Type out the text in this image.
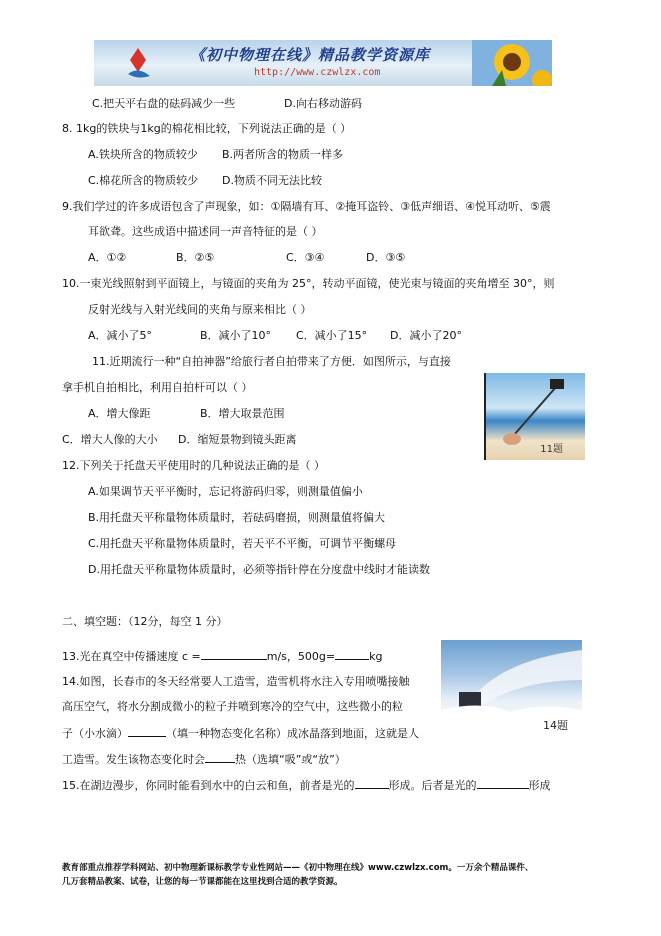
《初中物理在线》精品教学资源库
http://www.czwlzx.com
C.把天平右盘的砝码减少一些	D.向右移动游码
8. 1kg的铁块与1kg的棉花相比较，下列说法正确的是（ ）
A.铁块所含的物质较少 B.两者所含的物质一样多
C.棉花所含的物质较少 D.物质不同无法比较
9.我们学过的许多成语包含了声现象，如：①隔墙有耳、②掩耳盗铃、③低声细语、④悦耳动听、⑤震
耳欲聋。这些成语中描述同一声音特征的是（ ）
A．①②	B．②⑤	C．③④	D．③⑤
10.一束光线照射到平面镜上，与镜面的夹角为 25°，转动平面镜，使光束与镜面的夹角增至 30°，则
反射光线与入射光线间的夹角与原来相比（ ）
A．减小了5°	B．减小了10° C．减小了15° D．减小了20°
11.近期流行一种“自拍神器”给旅行者自拍带来了方便．如图所示，与直接
拿手机自拍相比，利用自拍杆可以（ ）
A．增大像距	B．增大取景范围
C．增大人像的大小 D．缩短景物到镜头距离
11题
12.下列关于托盘天平使用时的几种说法正确的是（ ）
A.如果调节天平平衡时，忘记将游码归零，则测量值偏小
B.用托盘天平称量物体质量时，若砝码磨损，则测量值将偏大
C.用托盘天平称量物体质量时，若天平不平衡，可调节平衡螺母
D.用托盘天平称量物体质量时，必须等指针停在分度盘中线时才能读数
二、填空题：（12分，每空 1 分）
13.光在真空中传播速度 c =	m/s，500g=	kg
14.如图，长春市的冬天经常要人工造雪，造雪机将水注入专用喷嘴接触
高压空气，将水分割成微小的粒子并喷到寒冷的空气中，这些微小的粒
子（小水滴）	（填一种物态变化名称）成冰晶落到地面，这就是人
工造雪。发生该物态变化时会	热（选填“吸”或“放”）
14题
15.在湖边漫步，你同时能看到水中的白云和鱼，前者是光的	形成。后者是光的	形成
教育部重点推荐学科网站、初中物理新课标教学专业性网站——《初中物理在线》www.czwlzx.com。一万余个精品课件、
几万套精品教案、试卷，让您的每一节课都能在这里找到合适的教学资源。
